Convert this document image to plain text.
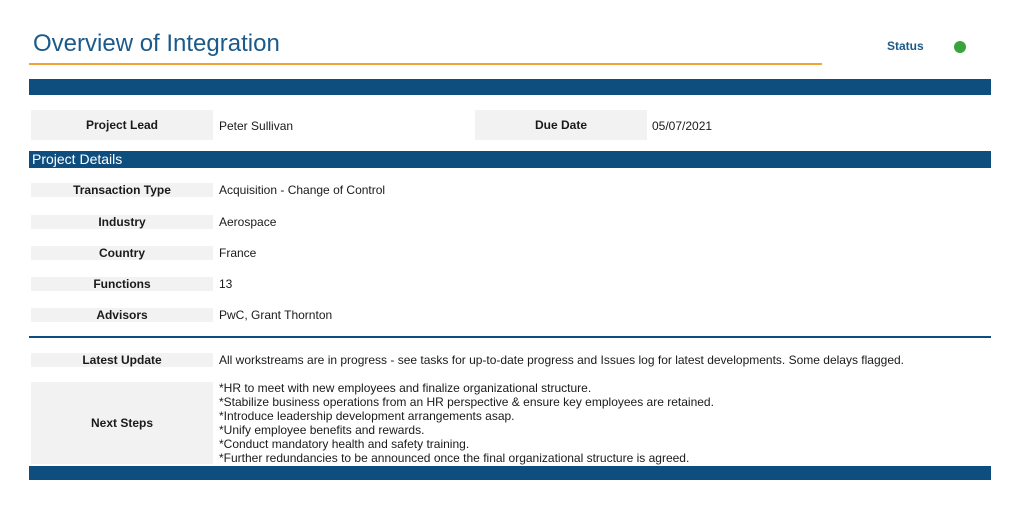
Overview of Integration	Status
Project Lead	Peter Sullivan	Due Date	05/07/2021
Project Details
Transaction Type	Acquisition - Change of Control
Industry	Aerospace
Country	France
Functions	13
Advisors	PwC, Grant Thornton
Latest Update	All workstreams are in progress - see tasks for up-to-date progress and Issues log for latest developments. Some delays flagged.
Next Steps
*HR to meet with new employees and finalize organizational structure.
*Stabilize business operations from an HR perspective & ensure key employees are retained.
*Introduce leadership development arrangements asap.
*Unify employee benefits and rewards.
*Conduct mandatory health and safety training.
*Further redundancies to be announced once the final organizational structure is agreed.
